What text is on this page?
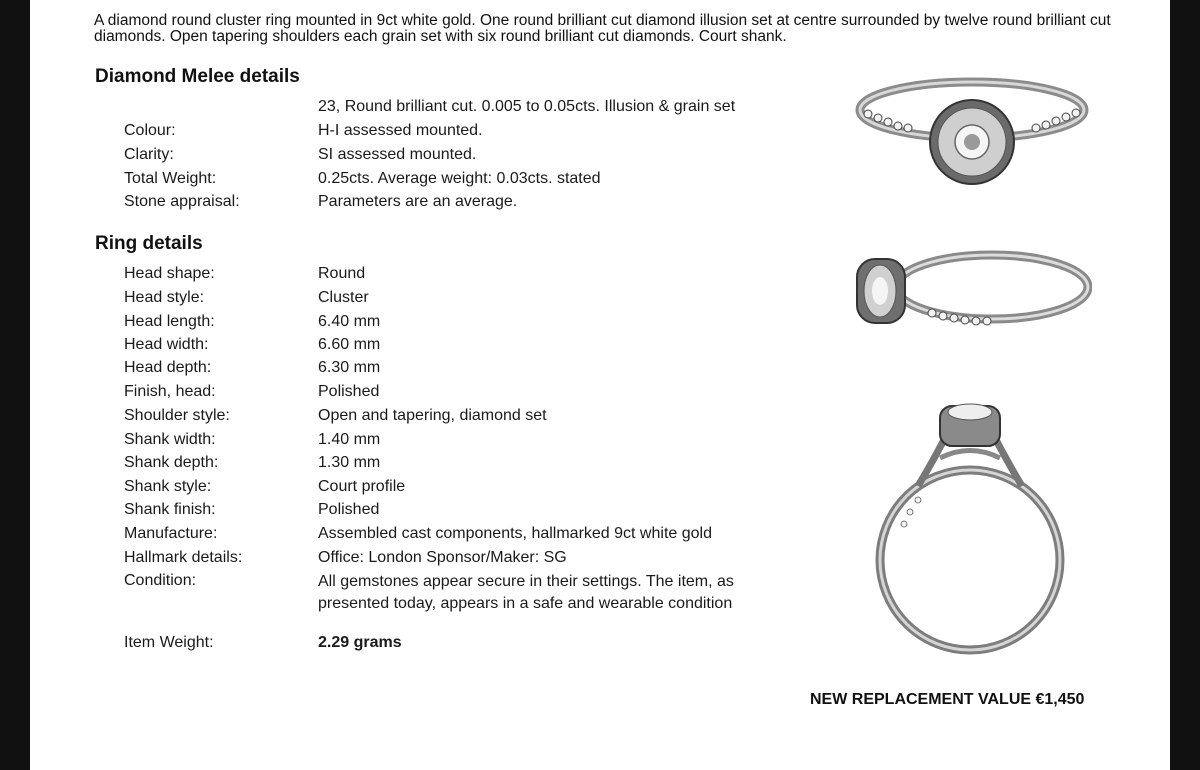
A diamond round cluster ring mounted in 9ct white gold. One round brilliant cut diamond illusion set at centre surrounded by twelve round brilliant cut diamonds. Open tapering shoulders each grain set with six round brilliant cut diamonds. Court shank.
Diamond Melee details
23, Round brilliant cut. 0.005 to 0.05cts. Illusion & grain set
Colour:	H-I assessed mounted.
Clarity:	SI assessed mounted.
Total Weight:	0.25cts. Average weight: 0.03cts. stated
Stone appraisal:	Parameters are an average.
Ring details
Head shape:	Round
Head style:	Cluster
Head length:	6.40 mm
Head width:	6.60 mm
Head depth:	6.30 mm
Finish, head:	Polished
Shoulder style:	Open and tapering, diamond set
Shank width:	1.40 mm
Shank depth:	1.30 mm
Shank style:	Court profile
Shank finish:	Polished
Manufacture:	Assembled cast components, hallmarked 9ct white gold
Hallmark details:	Office: London Sponsor/Maker: SG
Condition:	All gemstones appear secure in their settings. The item, as presented today, appears in a safe and wearable condition
Item Weight:	2.29 grams
NEW REPLACEMENT VALUE €1,450
